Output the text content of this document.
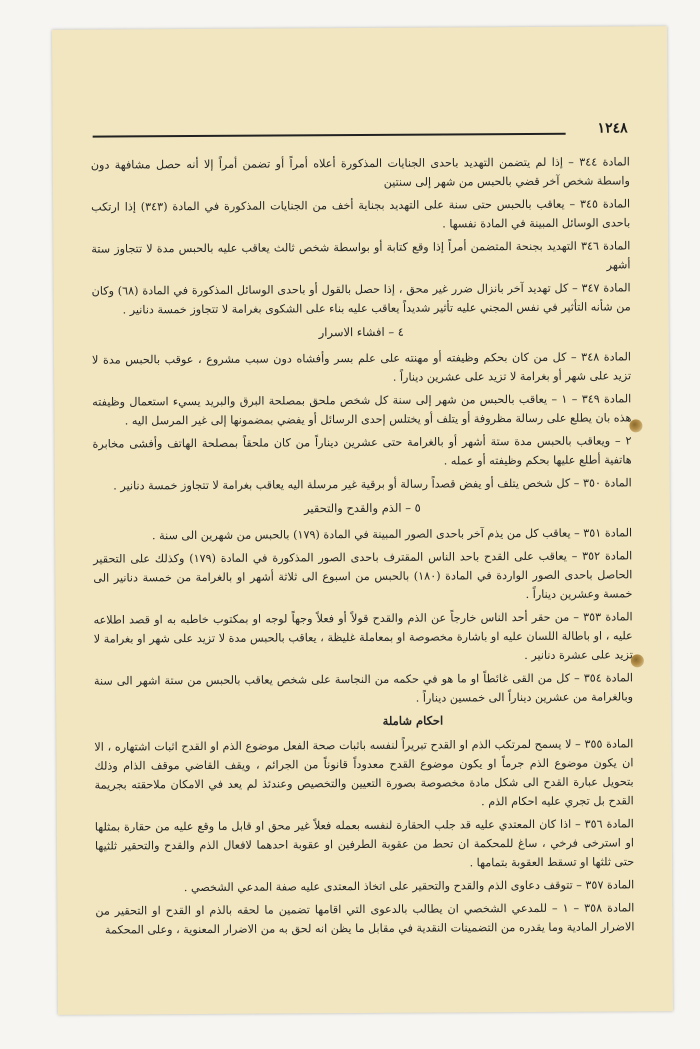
١٢٤٨

المادة ٣٤٤ – إذا لم يتضمن التهديد باحدى الجنايات المذكورة أعلاه أمراً أو تضمن أمراً إلا أنه حصل مشافهة دون واسطة شخص آخر قضي بالحبس من شهر إلى سنتين

المادة ٣٤٥ – يعاقب بالحبس حتى سنة على التهديد بجناية أخف من الجنايات المذكورة في المادة (٣٤٣) إذا ارتكب باحدى الوسائل المبينة في المادة نفسها .

المادة ٣٤٦ التهديد بجنحة المتضمن أمراً إذا وقع كتابة أو بواسطة شخص ثالث يعاقب عليه بالحبس مدة لا تتجاوز ستة أشهر

المادة ٣٤٧ – كل تهديد آخر بانزال ضرر غير محق ، إذا حصل بالقول أو باحدى الوسائل المذكورة في المادة (٦٨) وكان من شأنه التأثير في نفس المجني عليه تأثير شديداً يعاقب عليه بناء على الشكوى بغرامة لا تتجاوز خمسة دنانير .

٤ – افشاء الاسرار

المادة ٣٤٨ – كل من كان بحكم وظيفته أو مهنته على علم بسر وأفشاه دون سبب مشروع ، عوقب بالحبس مدة لا تزيد على شهر أو بغرامة لا تزيد على عشرين ديناراً .

المادة ٣٤٩ – ١ – يعاقب بالحبس من شهر إلى سنة كل شخص ملحق بمصلحة البرق والبريد يسيء استعمال وظيفته هذه بان يطلع على رسالة مظروفة أو يتلف أو يختلس إحدى الرسائل أو يفضي بمضمونها إلى غير المرسل اليه .

٢ – ويعاقب بالحبس مدة ستة أشهر أو بالغرامة حتى عشرين ديناراً من كان ملحقاً بمصلحة الهاتف وأفشى مخابرة هاتفية أطلع عليها بحكم وظيفته أو عمله .

المادة ٣٥٠ – كل شخص يتلف أو يفض قصداً رسالة أو برقية غير مرسلة اليه يعاقب بغرامة لا تتجاوز خمسة دنانير .

٥ – الذم والقدح والتحقير

المادة ٣٥١ – يعاقب كل من يذم آخر باحدى الصور المبينة في المادة (١٧٩) بالحبس من شهرين الى سنة .

المادة ٣٥٢ – يعاقب على القدح باحد الناس المقترف باحدى الصور المذكورة في المادة (١٧٩) وكذلك على التحقير الحاصل باحدى الصور الواردة في المادة (١٨٠) بالحبس من اسبوع الى ثلاثة أشهر او بالغرامة من خمسة دنانير الى خمسة وعشرين ديناراً .

المادة ٣٥٣ – من حقر أحد الناس خارجاً عن الذم والقدح قولاً أو فعلاً وجهاً لوجه او بمكتوب خاطبه به او قصد اطلاعه عليه ، او باطالة اللسان عليه او باشارة مخصوصة او بمعاملة غليظة ، يعاقب بالحبس مدة لا تزيد على شهر او بغرامة لا تزيد على عشرة دنانير .

المادة ٣٥٤ – كل من القى غائطاً او ما هو في حكمه من النجاسة على شخص يعاقب بالحبس من ستة اشهر الى سنة وبالغرامة من عشرين ديناراً الى خمسين ديناراً .

احكام شاملة

المادة ٣٥٥ – لا يسمح لمرتكب الذم او القدح تبريراً لنفسه باثبات صحة الفعل موضوع الذم او القدح اثبات اشتهاره ، الا ان يكون موضوع الذم جرماً او يكون موضوع القدح معدوداً قانوناً من الجرائم ، ويقف القاضي موقف الذام وذلك بتحويل عبارة القدح الى شكل مادة مخصوصة بصورة التعيين والتخصيص وعندئذ لم يعد في الامكان ملاحقته بجريمة القدح بل تجري عليه احكام الذم .

المادة ٣٥٦ – اذا كان المعتدي عليه قد جلب الحقارة لنفسه بعمله فعلاً غير محق او قابل ما وقع عليه من حقارة بمثلها او استرخى فرخي ، ساغ للمحكمة ان تحط من عقوبة الطرفين او عقوبة احدهما لافعال الذم والقدح والتحقير ثلثيها حتى ثلثها او تسقط العقوبة بتمامها .

المادة ٣٥٧ – تتوقف دعاوى الذم والقدح والتحقير على اتخاذ المعتدى عليه صفة المدعي الشخصي .

المادة ٣٥٨ – ١ – للمدعي الشخصي ان يطالب بالدعوى التي اقامها تضمين ما لحقه بالذم او القدح او التحقير من الاضرار المادية وما يقدره من التضمينات النقدية في مقابل ما يظن انه لحق به من الاضرار المعنوية ، وعلى المحكمة
